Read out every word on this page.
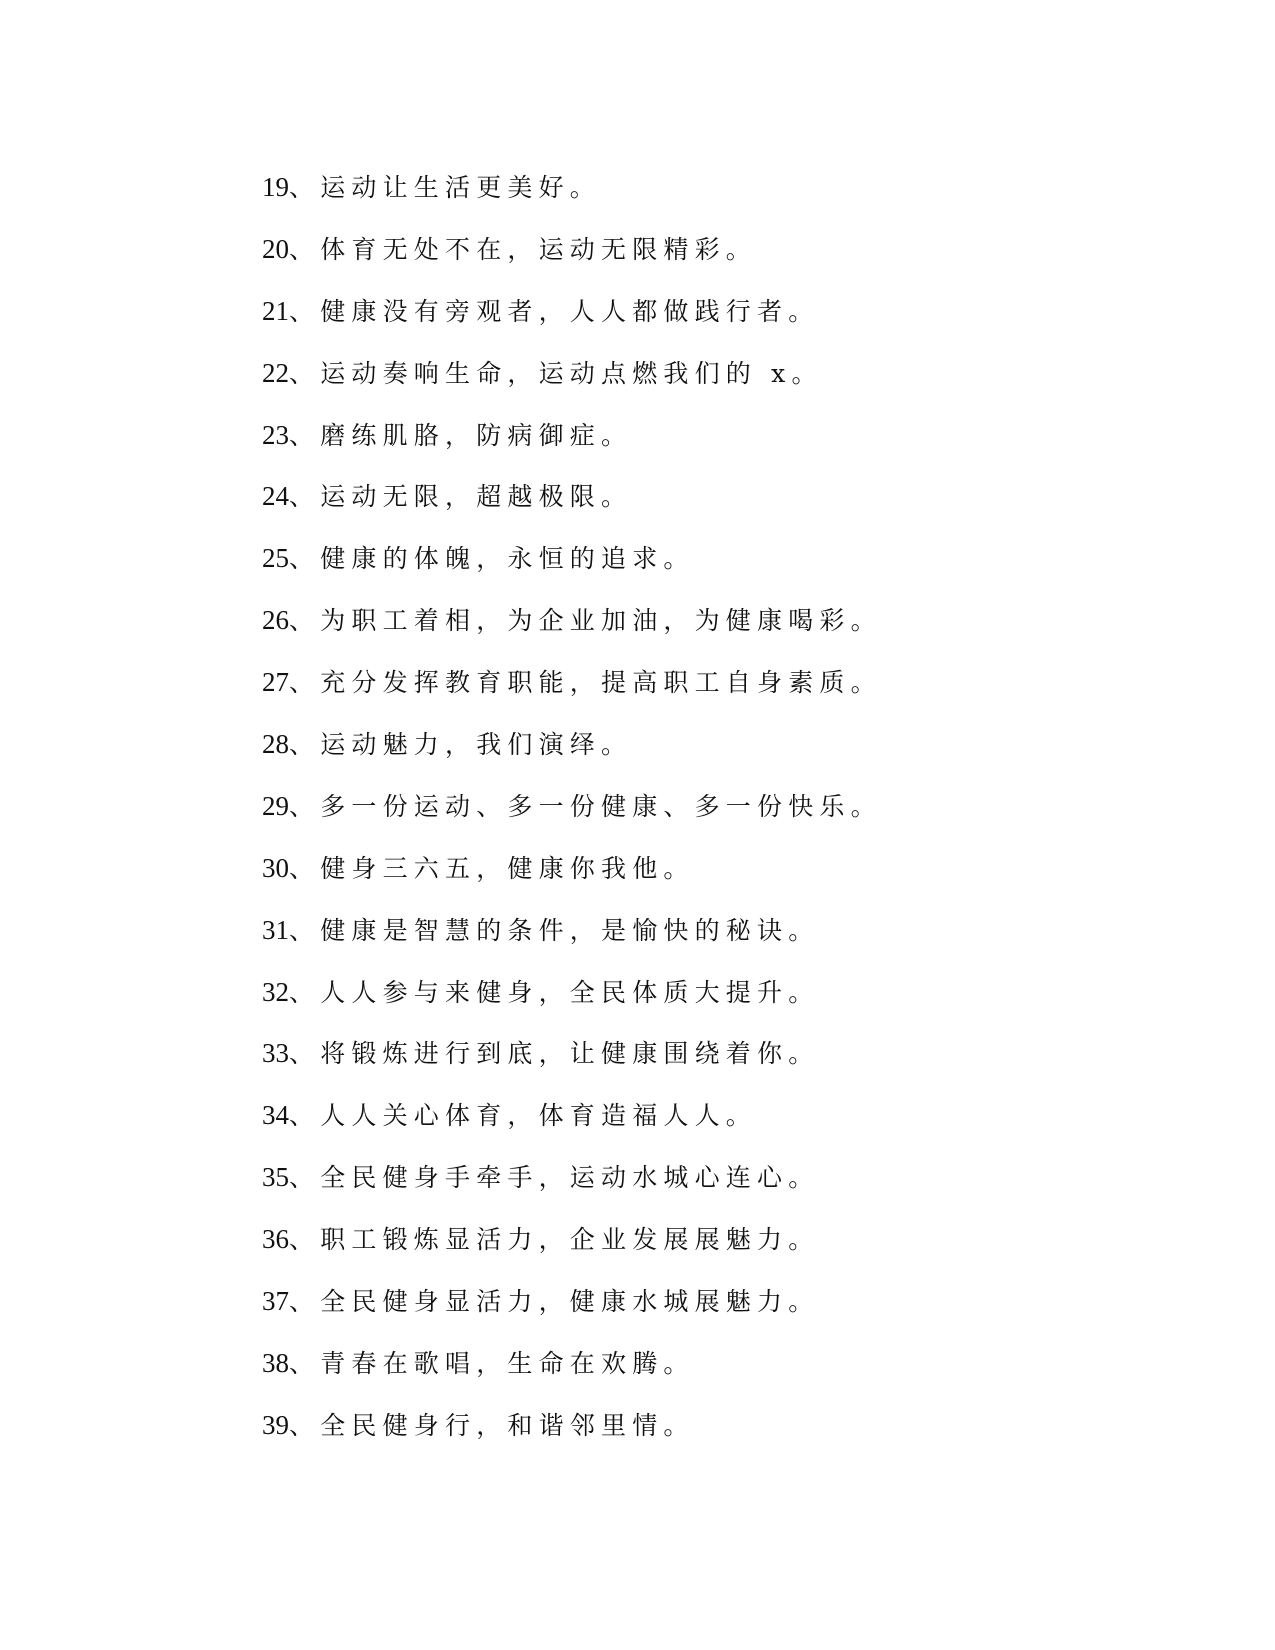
19、运动让生活更美好。
20、体育无处不在，运动无限精彩。
21、健康没有旁观者，人人都做践行者。
22、运动奏响生命，运动点燃我们的 x。
23、磨练肌胳，防病御症。
24、运动无限，超越极限。
25、健康的体魄，永恒的追求。
26、为职工着相，为企业加油，为健康喝彩。
27、充分发挥教育职能，提高职工自身素质。
28、运动魅力，我们演绎。
29、多一份运动、多一份健康、多一份快乐。
30、健身三六五，健康你我他。
31、健康是智慧的条件，是愉快的秘诀。
32、人人参与来健身，全民体质大提升。
33、将锻炼进行到底，让健康围绕着你。
34、人人关心体育，体育造福人人。
35、全民健身手牵手，运动水城心连心。
36、职工锻炼显活力，企业发展展魅力。
37、全民健身显活力，健康水城展魅力。
38、青春在歌唱，生命在欢腾。
39、全民健身行，和谐邻里情。
